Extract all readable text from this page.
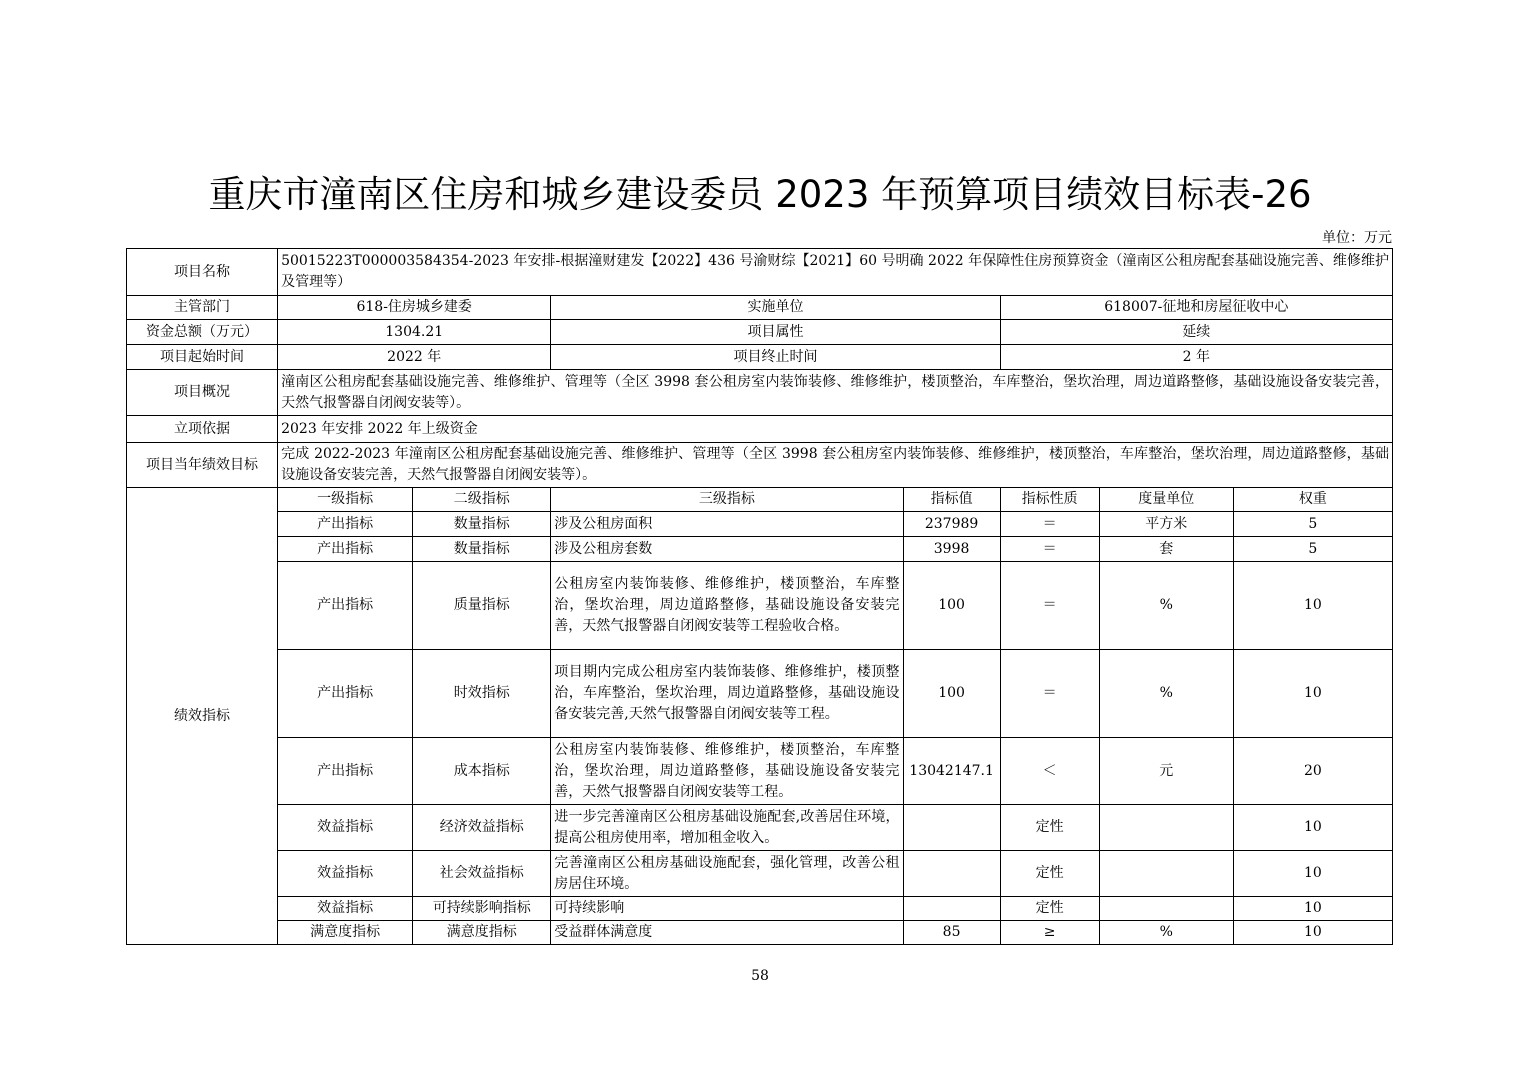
重庆市潼南区住房和城乡建设委员 2023 年预算项目绩效目标表-26
单位：万元
项目名称	50015223T000003584354-2023 年安排-根据潼财建发【2022】436 号渝财综【2021】60 号明确 2022 年保障性住房预算资金（潼南区公租房配套基础设施完善、维修维护及管理等）						
主管部门	618-住房城乡建委		实施单位		618007-征地和房屋征收中心		
资金总额（万元）	1304.21		项目属性		延续		
项目起始时间	2022 年		项目终止时间		2 年		
项目概况	潼南区公租房配套基础设施完善、维修维护、管理等（全区 3998 套公租房室内装饰装修、维修维护，楼顶整治，车库整治，堡坎治理，周边道路整修，基础设施设备安装完善，天然气报警器自闭阀安装等）。						
立项依据	2023 年安排 2022 年上级资金						
项目当年绩效目标	完成 2022-2023 年潼南区公租房配套基础设施完善、维修维护、管理等（全区 3998 套公租房室内装饰装修、维修维护，楼顶整治，车库整治，堡坎治理，周边道路整修，基础设施设备安装完善，天然气报警器自闭阀安装等）。						
绩效指标	一级指标	二级指标	三级指标	指标值	指标性质	度量单位	权重
	产出指标	数量指标	涉及公租房面积	237989	＝	平方米	5
	产出指标	数量指标	涉及公租房套数	3998	＝	套	5
	产出指标	质量指标	公租房室内装饰装修、维修维护，楼顶整治，车库整治，堡坎治理，周边道路整修，基础设施设备安装完善，天然气报警器自闭阀安装等工程验收合格。	100	＝	%	10
	产出指标	时效指标	项目期内完成公租房室内装饰装修、维修维护，楼顶整治，车库整治，堡坎治理，周边道路整修，基础设施设备安装完善,天然气报警器自闭阀安装等工程。	100	＝	%	10
	产出指标	成本指标	公租房室内装饰装修、维修维护，楼顶整治，车库整治，堡坎治理，周边道路整修，基础设施设备安装完善，天然气报警器自闭阀安装等工程。	13042147.1	＜	元	20
	效益指标	经济效益指标	进一步完善潼南区公租房基础设施配套,改善居住环境，提高公租房使用率，增加租金收入。		定性		10
	效益指标	社会效益指标	完善潼南区公租房基础设施配套，强化管理，改善公租房居住环境。		定性		10
	效益指标	可持续影响指标	可持续影响		定性		10
	满意度指标	满意度指标	受益群体满意度	85	≥	%	10
58
